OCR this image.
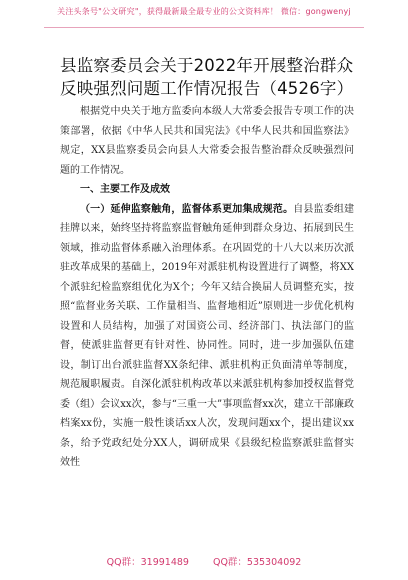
关注头条号"公文研究"，获得最新最全最专业的公文资料库！ 微信：gongwenyj
县监察委员会关于2022年开展整治群众反映强烈问题工作情况报告（4526字）

根据党中央关于地方监委向本级人大常委会报告专项工作的决策部署，依据《中华人民共和国宪法》《中华人民共和国监察法》规定，XX县监察委员会向县人大常委会报告整治群众反映强烈问题的工作情况。

一、主要工作及成效

（一）延伸监察触角，监督体系更加集成规范。自县监委组建挂牌以来，始终坚持将监察监督触角延伸到群众身边、拓展到民生领域，推动监督体系融入治理体系。在巩固党的十八大以来历次派驻改革成果的基础上，2019年对派驻机构设置进行了调整，将XX个派驻纪检监察组优化为X个；今年又结合换届人员调整充实，按照“监督业务关联、工作量相当、监督地相近”原则进一步优化机构设置和人员结构，加强了对国资公司、经济部门、执法部门的监督，使派驻监督更有针对性、协同性。同时，进一步加强队伍建设，制订出台派驻监督XX条纪律、派驻机构正负面清单等制度，规范履职履责。自深化派驻机构改革以来派驻机构参加授权监督党委（组）会议xx次，参与“三重一大”事项监督xx次，建立干部廉政档案xx份，实施一般性谈话xx人次，发现问题xx个，提出建议xx条，给予党政纪处分XX人，调研成果《县级纪检监察派驻监督实效性

QQ群：31991489	QQ群：535304092
